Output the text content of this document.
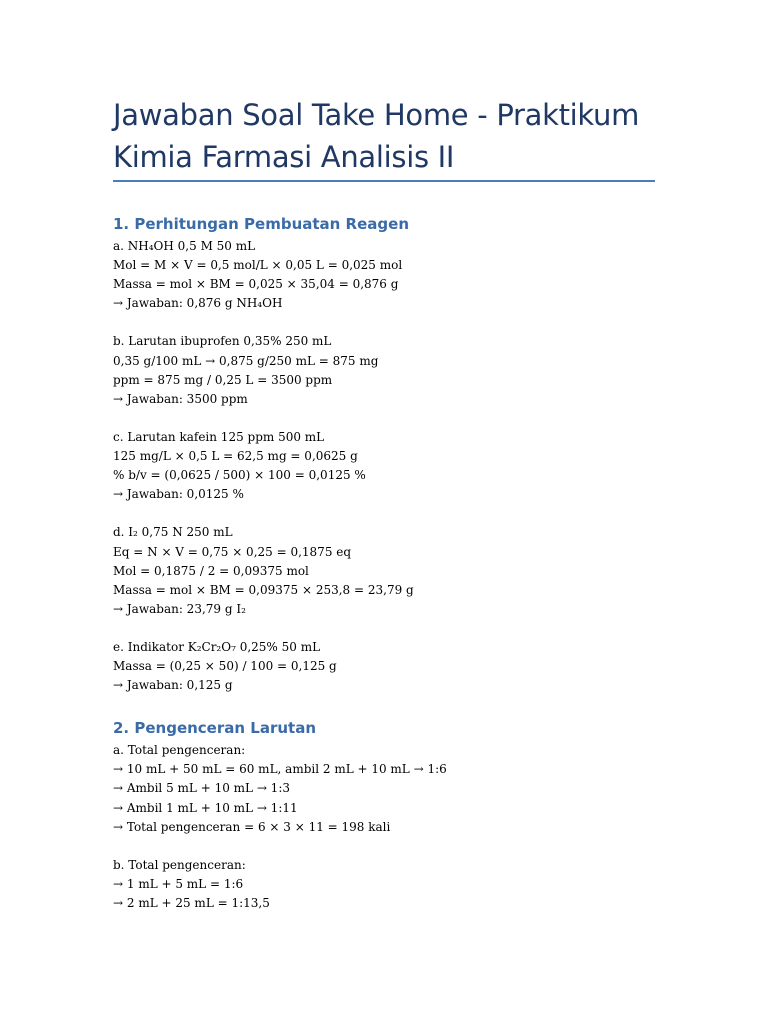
Jawaban Soal Take Home - Praktikum
Kimia Farmasi Analisis II
1. Perhitungan Pembuatan Reagen
a. NH₄OH 0,5 M 50 mL
Mol = M × V = 0,5 mol/L × 0,05 L = 0,025 mol
Massa = mol × BM = 0,025 × 35,04 = 0,876 g
→ Jawaban: 0,876 g NH₄OH
b. Larutan ibuprofen 0,35% 250 mL
0,35 g/100 mL → 0,875 g/250 mL = 875 mg
ppm = 875 mg / 0,25 L = 3500 ppm
→ Jawaban: 3500 ppm
c. Larutan kafein 125 ppm 500 mL
125 mg/L × 0,5 L = 62,5 mg = 0,0625 g
% b/v = (0,0625 / 500) × 100 = 0,0125 %
→ Jawaban: 0,0125 %
d. I₂ 0,75 N 250 mL
Eq = N × V = 0,75 × 0,25 = 0,1875 eq
Mol = 0,1875 / 2 = 0,09375 mol
Massa = mol × BM = 0,09375 × 253,8 = 23,79 g
→ Jawaban: 23,79 g I₂
e. Indikator K₂Cr₂O₇ 0,25% 50 mL
Massa = (0,25 × 50) / 100 = 0,125 g
→ Jawaban: 0,125 g
2. Pengenceran Larutan
a. Total pengenceran:
→ 10 mL + 50 mL = 60 mL, ambil 2 mL + 10 mL → 1:6
→ Ambil 5 mL + 10 mL → 1:3
→ Ambil 1 mL + 10 mL → 1:11
→ Total pengenceran = 6 × 3 × 11 = 198 kali
b. Total pengenceran:
→ 1 mL + 5 mL = 1:6
→ 2 mL + 25 mL = 1:13,5
